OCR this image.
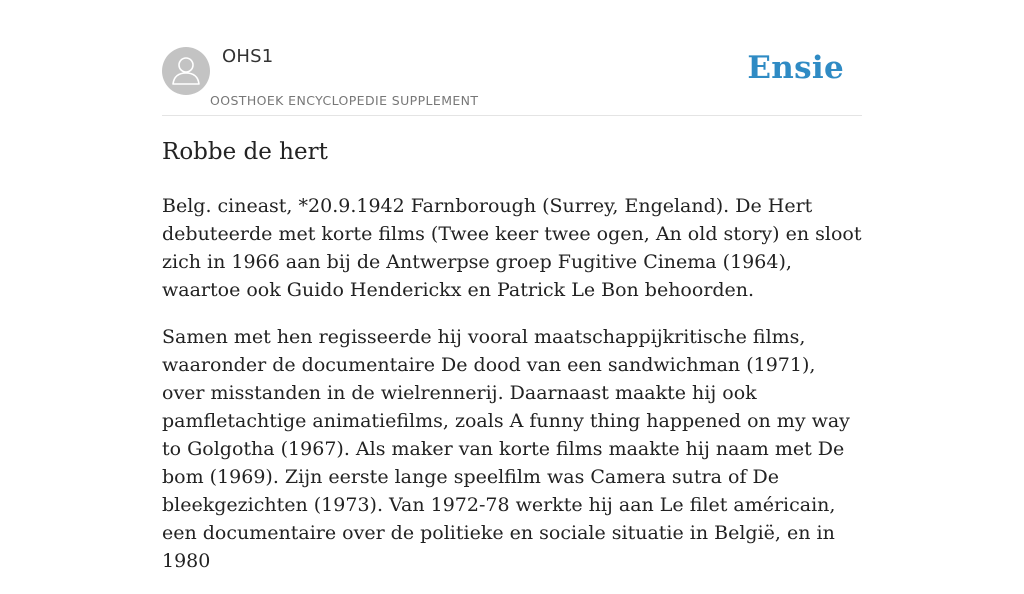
OHS1
OOSTHOEK ENCYCLOPEDIE SUPPLEMENT
Ensie
Robbe de hert

Belg. cineast, *20.9.1942 Farnborough (Surrey, Engeland). De Hert debuteerde met korte films (Twee keer twee ogen, An old story) en sloot zich in 1966 aan bij de Antwerpse groep Fugitive Cinema (1964), waartoe ook Guido Henderickx en Patrick Le Bon behoorden.

Samen met hen regisseerde hij vooral maatschappijkritische films, waaronder de documentaire De dood van een sandwichman (1971), over misstanden in de wielrennerij. Daarnaast maakte hij ook pamfletachtige animatiefilms, zoals A funny thing happened on my way to Golgotha (1967). Als maker van korte films maakte hij naam met De bom (1969). Zijn eerste lange speelfilm was Camera sutra of De bleekgezichten (1973). Van 1972-78 werkte hij aan Le filet américain, een documentaire over de politieke en sociale situatie in België, en in 1980
